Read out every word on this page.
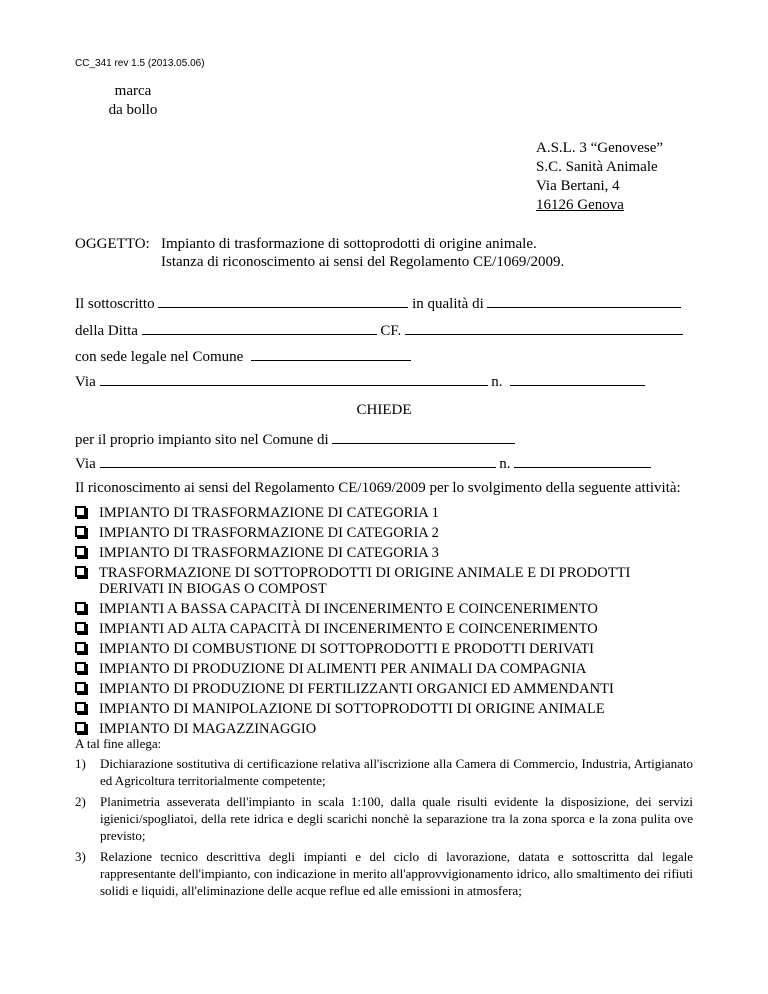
CC_341 rev 1.5 (2013.05.06)
marca
da bollo
A.S.L. 3 “Genovese”
S.C. Sanità Animale
Via Bertani, 4
16126 Genova
OGGETTO: Impianto di trasformazione di sottoprodotti di origine animale.
Istanza di riconoscimento ai sensi del Regolamento CE/1069/2009.
Il sottoscritto	in qualità di
della Ditta	CF.
con sede legale nel Comune
Via	n.
CHIEDE
per il proprio impianto sito nel Comune di
Via	n.
Il riconoscimento ai sensi del Regolamento CE/1069/2009 per lo svolgimento della seguente attività:
IMPIANTO DI TRASFORMAZIONE DI CATEGORIA 1
IMPIANTO DI TRASFORMAZIONE DI CATEGORIA 2
IMPIANTO DI TRASFORMAZIONE DI CATEGORIA 3
TRASFORMAZIONE DI SOTTOPRODOTTI DI ORIGINE ANIMALE E DI PRODOTTI DERIVATI IN BIOGAS O COMPOST
IMPIANTI A BASSA CAPACITÀ DI INCENERIMENTO E COINCENERIMENTO
IMPIANTI AD ALTA CAPACITÀ DI INCENERIMENTO E COINCENERIMENTO
IMPIANTO DI COMBUSTIONE DI SOTTOPRODOTTI E PRODOTTI DERIVATI
IMPIANTO DI PRODUZIONE DI ALIMENTI PER ANIMALI DA COMPAGNIA
IMPIANTO DI PRODUZIONE DI FERTILIZZANTI ORGANICI ED AMMENDANTI
IMPIANTO DI MANIPOLAZIONE DI SOTTOPRODOTTI DI ORIGINE ANIMALE
IMPIANTO DI MAGAZZINAGGIO
A tal fine allega:
1) Dichiarazione sostitutiva di certificazione relativa all'iscrizione alla Camera di Commercio, Industria, Artigianato ed Agricoltura territorialmente competente;
2) Planimetria asseverata dell'impianto in scala 1:100, dalla quale risulti evidente la disposizione, dei servizi igienici/spogliatoi, della rete idrica e degli scarichi nonchè la separazione tra la zona sporca e la zona pulita ove previsto;
3) Relazione tecnico descrittiva degli impianti e del ciclo di lavorazione, datata e sottoscritta dal legale rappresentante dell'impianto, con indicazione in merito all'approvvigionamento idrico, allo smaltimento dei rifiuti solidi e liquidi, all'eliminazione delle acque reflue ed alle emissioni in atmosfera;
